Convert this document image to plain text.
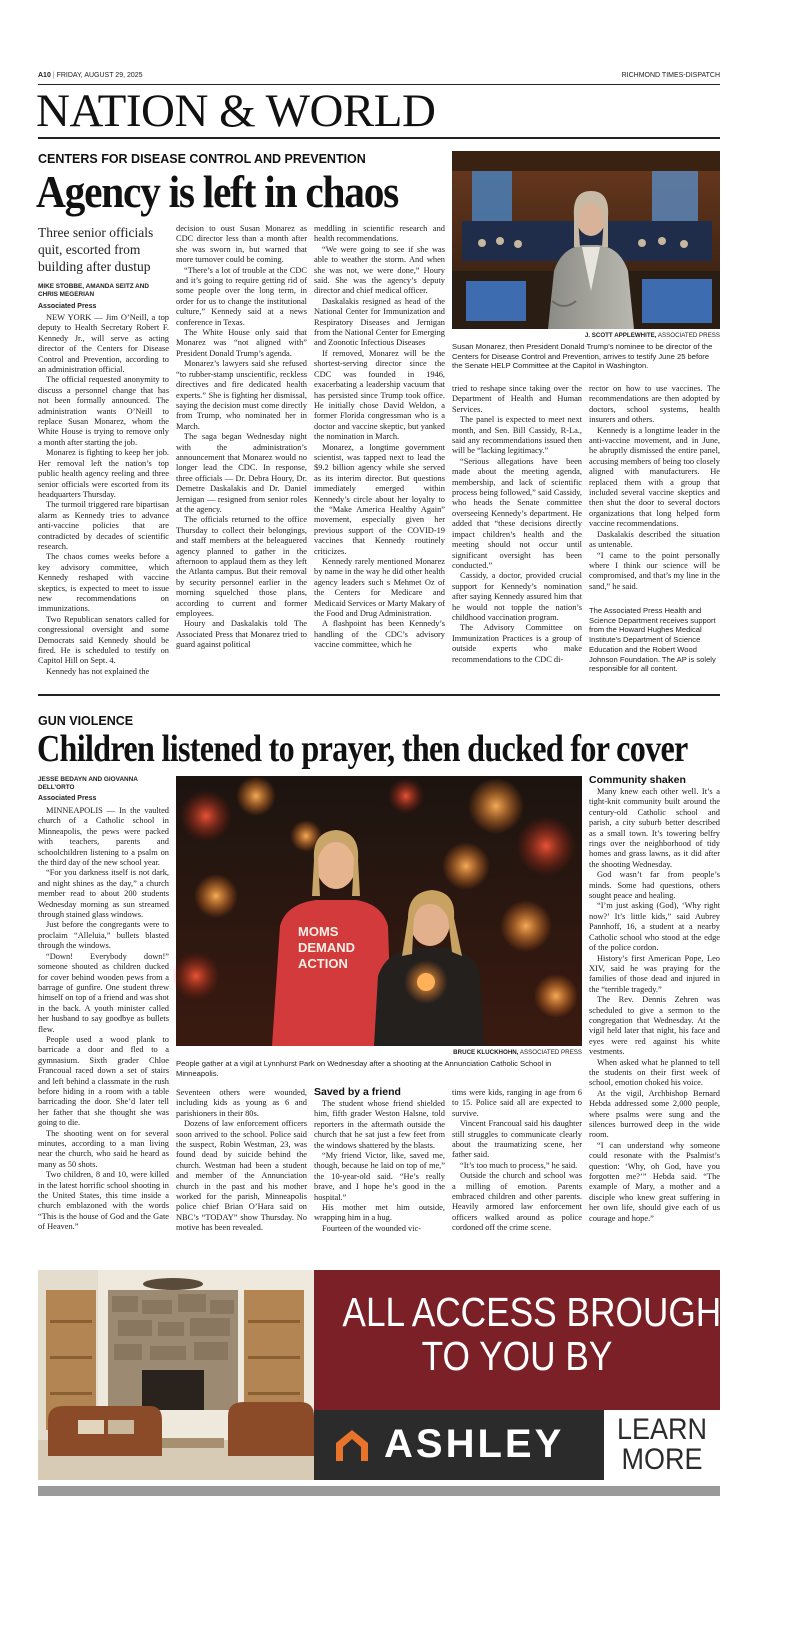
A10 | FRIDAY, AUGUST 29, 2025	RICHMOND TIMES-DISPATCH
NATION & WORLD
CENTERS FOR DISEASE CONTROL AND PREVENTION
Agency is left in chaos
J. SCOTT APPLEWHITE, ASSOCIATED PRESS
Susan Monarez, then President Donald Trump’s nominee to be director of the Centers for Disease Control and Prevention, arrives to testify June 25 before the Senate HELP Committee at the Capitol in Washington.
Three senior officials quit, escorted from building after dustup
MIKE STOBBE, AMANDA SEITZ AND CHRIS MEGERIAN
Associated Press

NEW YORK — Jim O’Neill, a top deputy to Health Secretary Robert F. Kennedy Jr., will serve as acting director of the Centers for Disease Control and Prevention, according to an administration official.

The official requested anonymity to discuss a personnel change that has not been formally announced. The administration wants O’Neill to replace Susan Monarez, whom the White House is trying to remove only a month after starting the job.

Monarez is fighting to keep her job. Her removal left the nation’s top public health agency reeling and three senior officials were escorted from its headquarters Thursday.

The turmoil triggered rare bipartisan alarm as Kennedy tries to advance anti-vaccine policies that are contradicted by decades of scientific research.

The chaos comes weeks before a key advisory committee, which Kennedy reshaped with vaccine skeptics, is expected to meet to issue new recommendations on immunizations.

Two Republican senators called for congressional oversight and some Democrats said Kennedy should be fired. He is scheduled to testify on Capitol Hill on Sept. 4.

Kennedy has not explained the

decision to oust Susan Monarez as CDC director less than a month after she was sworn in, but warned that more turnover could be coming.

“There’s a lot of trouble at the CDC and it’s going to require getting rid of some people over the long term, in order for us to change the institutional culture,” Kennedy said at a news conference in Texas.

The White House only said that Monarez was “not aligned with” President Donald Trump’s agenda.

Monarez’s lawyers said she refused “to rubber-stamp unscientific, reckless directives and fire dedicated health experts.” She is fighting her dismissal, saying the decision must come directly from Trump, who nominated her in March.

The saga began Wednesday night with the administration’s announcement that Monarez would no longer lead the CDC. In response, three officials — Dr. Debra Houry, Dr. Demetre Daskalakis and Dr. Daniel Jernigan — resigned from senior roles at the agency.

The officials returned to the office Thursday to collect their belongings, and staff members at the beleaguered agency planned to gather in the afternoon to applaud them as they left the Atlanta campus. But their removal by security personnel earlier in the morning squelched those plans, according to current and former employees.

Houry and Daskalakis told The Associated Press that Monarez tried to guard against political

meddling in scientific research and health recommendations.

“We were going to see if she was able to weather the storm. And when she was not, we were done,” Houry said. She was the agency’s deputy director and chief medical officer.

Daskalakis resigned as head of the National Center for Immunization and Respiratory Diseases and Jernigan from the National Center for Emerging and Zoonotic Infectious Diseases

If removed, Monarez will be the shortest-serving director since the CDC was founded in 1946, exacerbating a leadership vacuum that has persisted since Trump took office. He initially chose David Weldon, a former Florida congressman who is a doctor and vaccine skeptic, but yanked the nomination in March.

Monarez, a longtime government scientist, was tapped next to lead the $9.2 billion agency while she served as its interim director. But questions immediately emerged within Kennedy’s circle about her loyalty to the “Make America Healthy Again” movement, especially given her previous support of the COVID-19 vaccines that Kennedy routinely criticizes.

Kennedy rarely mentioned Monarez by name in the way he did other health agency leaders such s Mehmet Oz of the Centers for Medicare and Medicaid Services or Marty Makary of the Food and Drug Administration.

A flashpoint has been Kennedy’s handling of the CDC’s advisory vaccine committee, which he

tried to reshape since taking over the Department of Health and Human Services.

The panel is expected to meet next month, and Sen. Bill Cassidy, R-La., said any recommendations issued then will be “lacking legitimacy.”

“Serious allegations have been made about the meeting agenda, membership, and lack of scientific process being followed,” said Cassidy, who heads the Senate committee overseeing Kennedy’s department. He added that “these decisions directly impact children’s health and the meeting should not occur until significant oversight has been conducted.”

Cassidy, a doctor, provided crucial support for Kennedy’s nomination after saying Kennedy assured him that he would not topple the nation’s childhood vaccination program.

The Advisory Committee on Immunization Practices is a group of outside experts who make recommendations to the CDC di-

rector on how to use vaccines. The recommendations are then adopted by doctors, school systems, health insurers and others.

Kennedy is a longtime leader in the anti-vaccine movement, and in June, he abruptly dismissed the entire panel, accusing members of being too closely aligned with manufacturers. He replaced them with a group that included several vaccine skeptics and then shut the door to several doctors organizations that long helped form vaccine recommendations.

Daskalakis described the situation as untenable.

“I came to the point personally where I think our science will be compromised, and that’s my line in the sand,” he said.

The Associated Press Health and Science Department receives support from the Howard Hughes Medical Institute’s Department of Science Education and the Robert Wood Johnson Foundation. The AP is solely responsible for all content.
GUN VIOLENCE
Children listened to prayer, then ducked for cover
JESSE BEDAYN AND GIOVANNA DELL’ORTO
Associated Press
MOMS DEMAND ACTION
BRUCE KLUCKHOHN, ASSOCIATED PRESS
People gather at a vigil at Lynnhurst Park on Wednesday after a shooting at the Annunciation Catholic School in Minneapolis.

MINNEAPOLIS — In the vaulted church of a Catholic school in Minneapolis, the pews were packed with teachers, parents and schoolchildren listening to a psalm on the third day of the new school year.

“For you darkness itself is not dark, and night shines as the day,” a church member read to about 200 students Wednesday morning as sun streamed through stained glass windows.

Just before the congregants were to proclaim “Alleluia,” bullets blasted through the windows.

“Down! Everybody down!” someone shouted as children ducked for cover behind wooden pews from a barrage of gunfire. One student threw himself on top of a friend and was shot in the back. A youth minister called her husband to say goodbye as bullets flew.

People used a wood plank to barricade a door and fled to a gymnasium. Sixth grader Chloe Francoual raced down a set of stairs and left behind a classmate in the rush before hiding in a room with a table barricading the door. She’d later tell her father that she thought she was going to die.

The shooting went on for several minutes, according to a man living near the church, who said he heard as many as 50 shots.

Two children, 8 and 10, were killed in the latest horrific school shooting in the United States, this time inside a church emblazoned with the words “This is the house of God and the Gate of Heaven.”

Seventeen others were wounded, including kids as young as 6 and parishioners in their 80s.

Dozens of law enforcement officers soon arrived to the school. Police said the suspect, Robin Westman, 23, was found dead by suicide behind the church. Westman had been a student and member of the Annunciation church in the past and his mother worked for the parish, Minneapolis police chief Brian O’Hara said on NBC’s “TODAY” show Thursday. No motive has been revealed.

Saved by a friend

The student whose friend shielded him, fifth grader Weston Halsne, told reporters in the aftermath outside the church that he sat just a few feet from the windows shattered by the blasts.

“My friend Victor, like, saved me, though, because he laid on top of me,” the 10-year-old said. “He’s really brave, and I hope he’s good in the hospital.”

His mother met him outside, wrapping him in a hug.

Fourteen of the wounded vic-

tims were kids, ranging in age from 6 to 15. Police said all are expected to survive.

Vincent Francoual said his daughter still struggles to communicate clearly about the traumatizing scene, her father said.

“It’s too much to process,” he said.

Outside the church and school was a milling of emotion. Parents embraced children and other parents. Heavily armored law enforcement officers walked around as police cordoned off the crime scene.

Community shaken

Many knew each other well. It’s a tight-knit community built around the century-old Catholic school and parish, a city suburb better described as a small town. It’s towering belfry rings over the neighborhood of tidy homes and grass lawns, as it did after the shooting Wednesday.

God wasn’t far from people’s minds. Some had questions, others sought peace and healing.

“I’m just asking (God), ‘Why right now?’ It’s little kids,” said Aubrey Pannhoff, 16, a student at a nearby Catholic school who stood at the edge of the police cordon.

History’s first American Pope, Leo XIV, said he was praying for the families of those dead and injured in the “terrible tragedy.”

The Rev. Dennis Zehren was scheduled to give a sermon to the congregation that Wednesday. At the vigil held later that night, his face and eyes were red against his white vestments.

When asked what he planned to tell the students on their first week of school, emotion choked his voice.

At the vigil, Archbishop Bernard Hebda addressed some 2,000 people, where psalms were sung and the silences burrowed deep in the wide room.

“I can understand why someone could resonate with the Psalmist’s question: ‘Why, oh God, have you forgotten me?’” Hebda said. “The example of Mary, a mother and a disciple who knew great suffering in her own life, should give each of us courage and hope.”

ALL ACCESS BROUGHT
TO YOU BY
ASHLEY LEARN
MORE
